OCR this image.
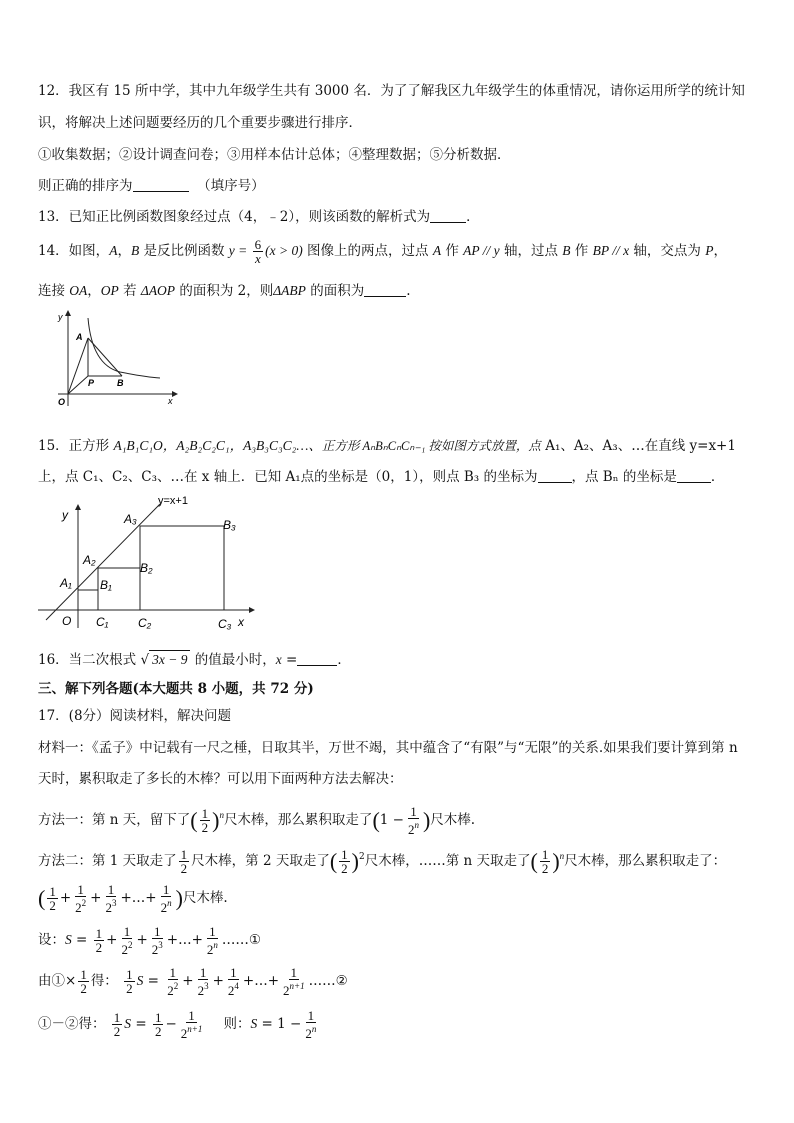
12．我区有 15 所中学，其中九年级学生共有 3000 名．为了了解我区九年级学生的体重情况，请你运用所学的统计知
识，将解决上述问题要经历的几个重要步骤进行排序．
①收集数据；②设计调查问卷；③用样本估计总体；④整理数据；⑤分析数据．
则正确的排序为	（填序号）
13．已知正比例函数图象经过点（4，﹣2），则该函数的解析式为	．
14．如图，A，B 是反比例函数 $y = \frac{6}{x} (x > 0)$ 图像上的两点，过点 A 作 AP // y 轴，过点 B 作 BP // x 轴，交点为 P，
连接 OA，OP 若 ΔAOP 的面积为 2，则ΔABP 的面积为	.
y
x
O
A
P	B
15．正方形 A₁B₁C₁O，A₂B₂C₂C₁，A₃B₃C₃C₂…、正方形 AₙBₙCₙCₙ₋₁ 按如图方式放置，点 A₁、A₂、A₃、…在直线 y=x+1
上，点 C₁、C₂、C₃、…在 x 轴上．已知 A₁点的坐标是（0，1），则点 B₃ 的坐标为	，点 Bₙ 的坐标是	．
y=x+1
y
x
O
A₁
A₂
A₃
B₁
B₂
B₃
C₁ C₂	C₃
16．当二次根式 √ 3x − 9 的值最小时，x =	．
三、解下列各题(本大题共 8 小题，共 72 分)
17．(8分）阅读材料，解决问题
材料一：《孟子》中记载有一尺之棰，日取其半，万世不竭，其中蕴含了“有限”与“无限”的关系.如果我们要计算到第 n
天时，累积取走了多长的木棒？可以用下面两种方法去解决：
方法一：第 n 天，留下了( $\frac{1}{2} )^n$尺木棒，那么累积取走了($1 - \frac{1}{2^n}$ )尺木棒.
方法二：第 1 天取走了 $\frac{1}{2}$ 尺木棒，第 2 天取走了( $\frac{1}{2} )^2$尺木棒，……第 n 天取走了( $\frac{1}{2} )^n$尺木棒，那么累积取走了：
( $\frac{1}{2} + \frac{1}{2^2} + \frac{1}{2^3}$ +…+ $\frac{1}{2^n}$ )尺木棒.
设：$S = \frac{1}{2} + \frac{1}{2^2} + \frac{1}{2^3}$ +…+ $\frac{1}{2^n}$ ……①
由①× $\frac{1}{2}$ 得： $\frac{1}{2}$ $S = \frac{1}{2^2} + \frac{1}{2^3} + \frac{1}{2^4}$ +…+ $\frac{1}{2^{n+1}}$ ……②
①－②得： $\frac{1}{2}$ $S = \frac{1}{2} - \frac{1}{2^{n+1}}$ 则：$S = 1 - \frac{1}{2^n}$
